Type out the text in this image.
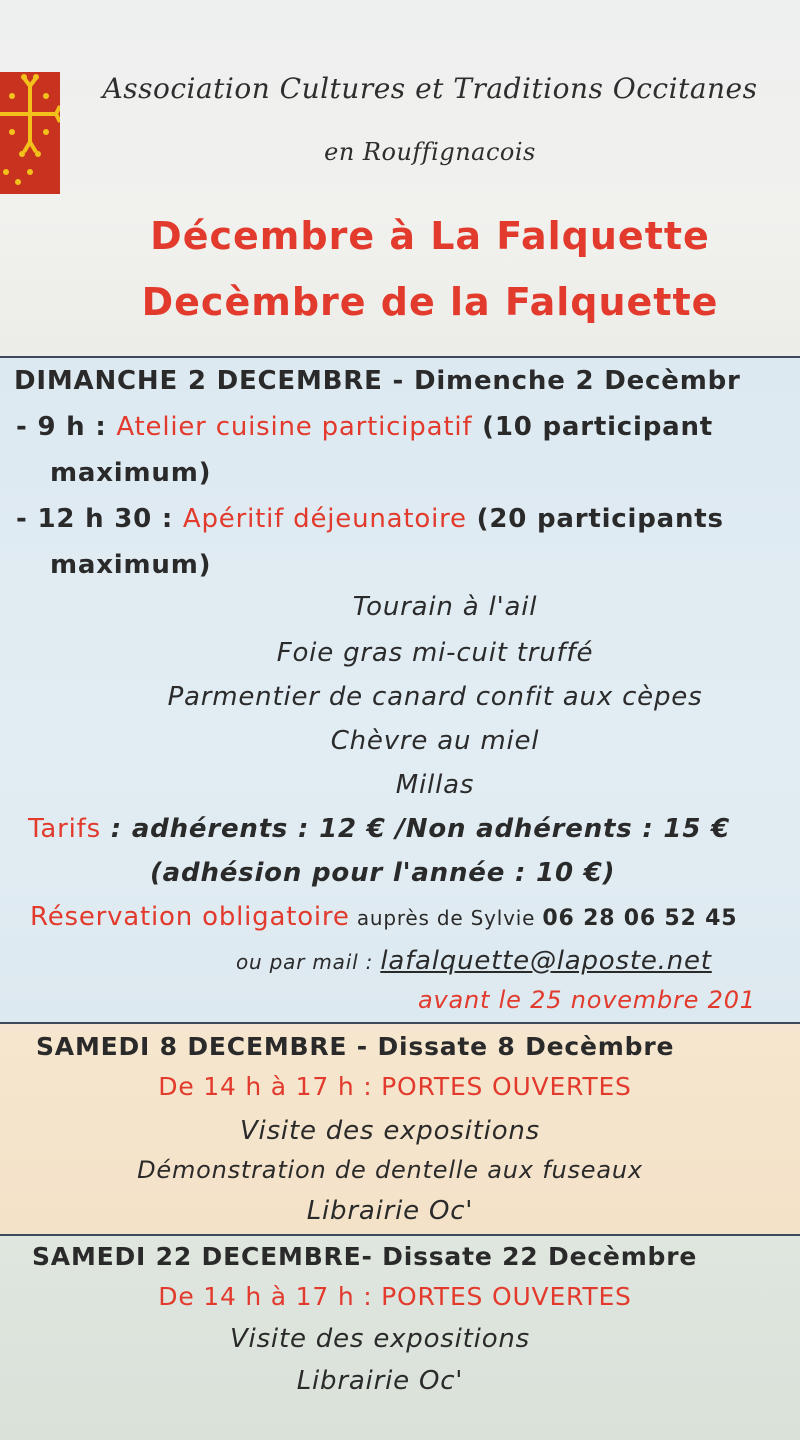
Association Cultures et Traditions Occitanes
en Rouffignacois
Décembre à La Falquette
Decèmbre de la Falquette
DIMANCHE 2 DECEMBRE - Dimenche 2 Decèmbr
- 9 h : Atelier cuisine participatif (10 participant
maximum)
- 12 h 30 : Apéritif déjeunatoire (20 participants
maximum)
Tourain à l'ail
Foie gras mi-cuit truffé
Parmentier de canard confit aux cèpes
Chèvre au miel
Millas
Tarifs : adhérents : 12 € /Non adhérents : 15 €
(adhésion pour l'année : 10 €)
Réservation obligatoire auprès de Sylvie 06 28 06 52 45
ou par mail : lafalquette@laposte.net
avant le 25 novembre 201
SAMEDI 8 DECEMBRE - Dissate 8 Decèmbre
De 14 h à 17 h : PORTES OUVERTES
Visite des expositions
Démonstration de dentelle aux fuseaux
Librairie Oc'
SAMEDI 22 DECEMBRE- Dissate 22 Decèmbre
De 14 h à 17 h : PORTES OUVERTES
Visite des expositions
Librairie Oc'
